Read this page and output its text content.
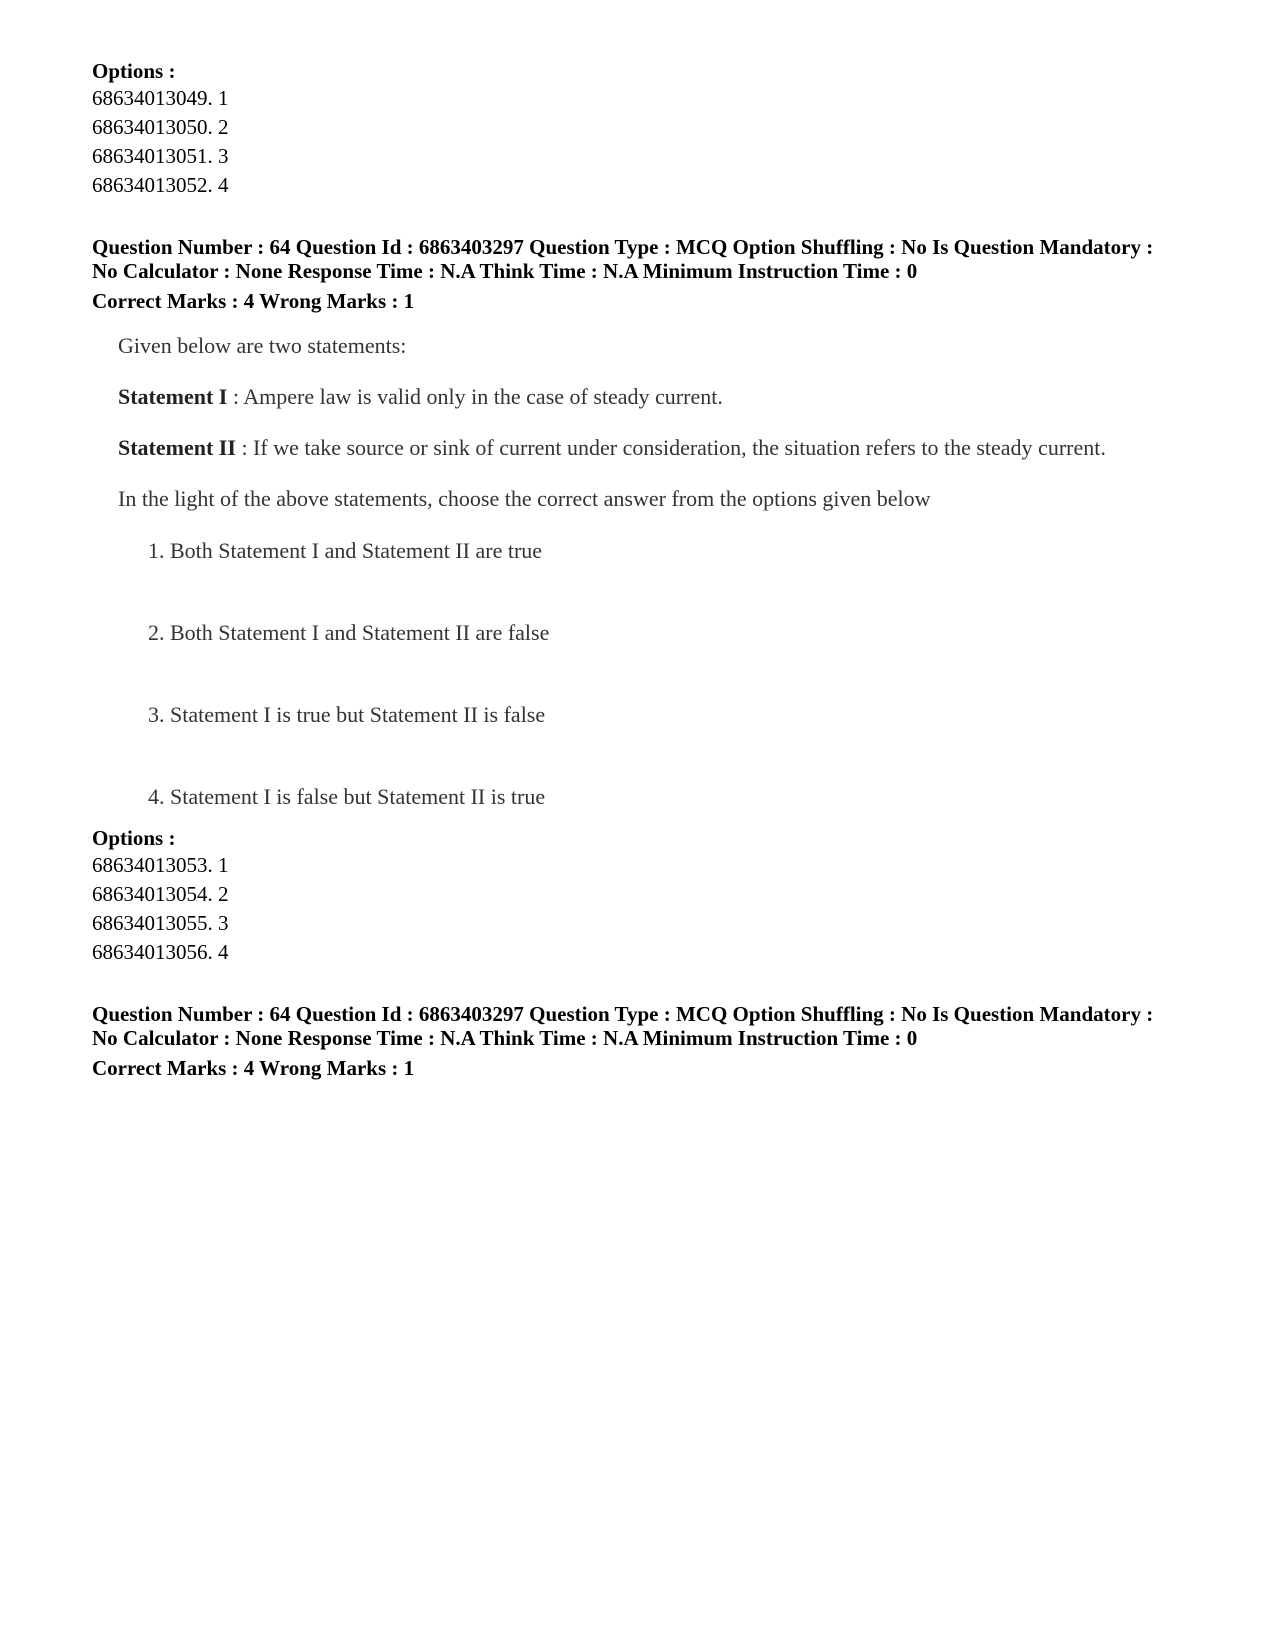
Options :

68634013049. 1

68634013050. 2

68634013051. 3

68634013052. 4

Question Number : 64 Question Id : 6863403297 Question Type : MCQ Option Shuffling : No Is Question Mandatory :

No Calculator : None Response Time : N.A Think Time : N.A Minimum Instruction Time : 0

Correct Marks : 4 Wrong Marks : 1

Given below are two statements:

Statement I : Ampere law is valid only in the case of steady current.

Statement II : If we take source or sink of current under consideration, the situation refers to the steady current.

In the light of the above statements, choose the correct answer from the options given below

1. Both Statement I and Statement II are true

2. Both Statement I and Statement II are false

3. Statement I is true but Statement II is false

4. Statement I is false but Statement II is true

Options :

68634013053. 1

68634013054. 2

68634013055. 3

68634013056. 4

Question Number : 64 Question Id : 6863403297 Question Type : MCQ Option Shuffling : No Is Question Mandatory :

No Calculator : None Response Time : N.A Think Time : N.A Minimum Instruction Time : 0

Correct Marks : 4 Wrong Marks : 1
